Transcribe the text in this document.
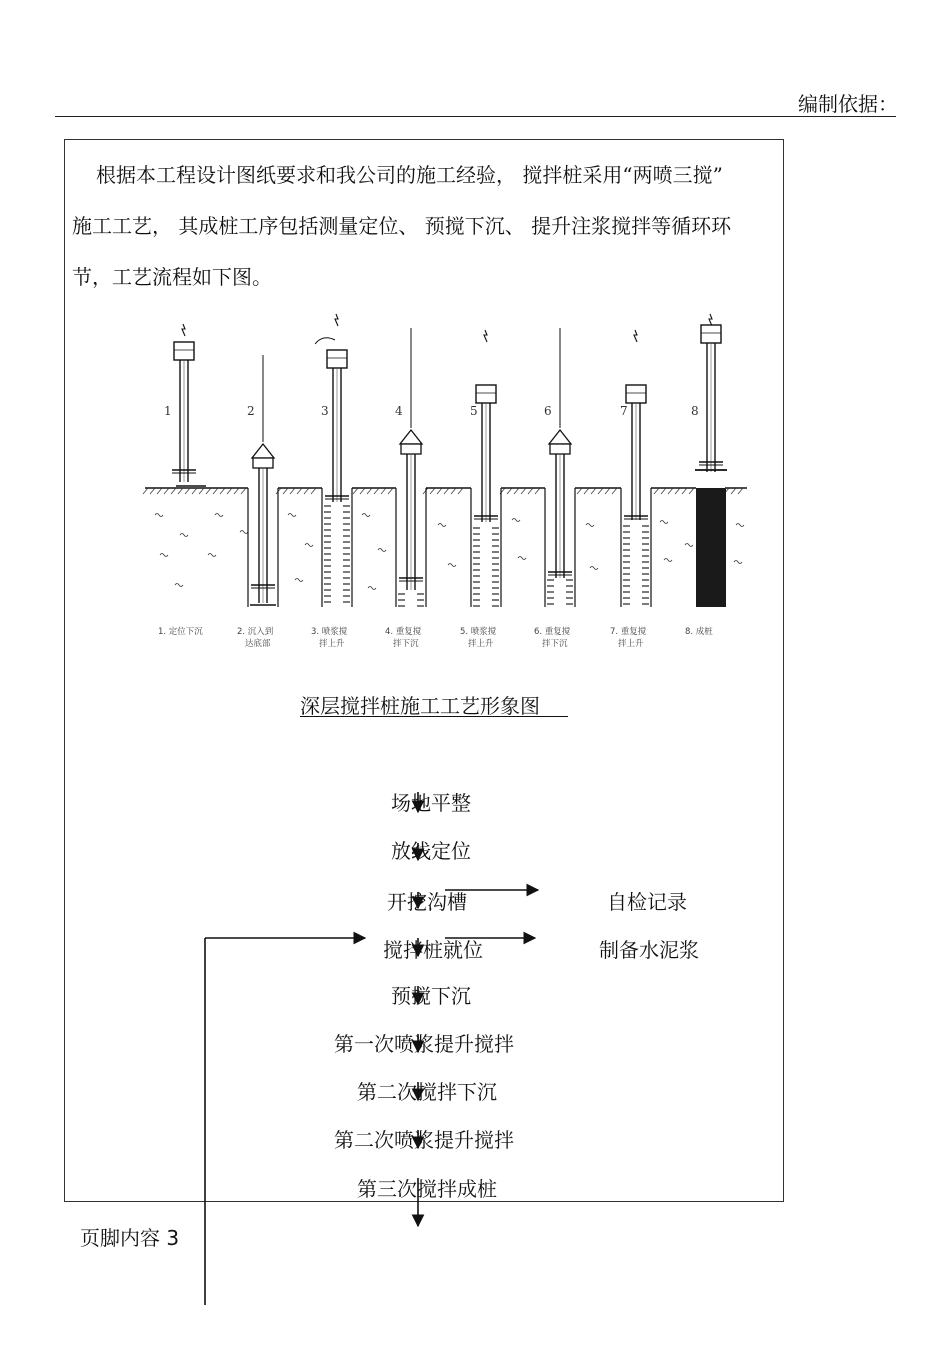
编制依据：

根据本工程设计图纸要求和我公司的施工经验， 搅拌桩采用“两喷三搅”
施工工艺， 其成桩工序包括测量定位、 预搅下沉、 提升注浆搅拌等循环环
节，工艺流程如下图。

1
1. 定位下沉
2
2. 沉入到
达底部
3
3. 喷浆搅
拌上升
4
4. 重复搅
拌下沉
5
5. 喷浆搅
拌上升
6
6. 重复搅
拌下沉
7
7. 重复搅
拌上升
8
8. 成桩
深层搅拌桩施工工艺形象图
场地平整
放线定位
开挖沟槽
搅拌桩就位
预搅下沉
第一次喷浆提升搅拌
第二次搅拌下沉
第二次喷浆提升搅拌
第三次搅拌成桩
自检记录
制备水泥浆
页脚内容 3
